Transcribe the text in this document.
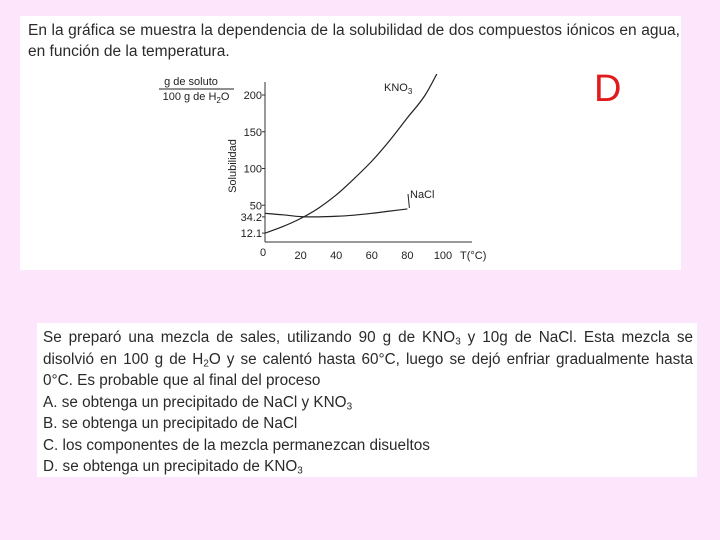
En la gráfica se muestra la dependencia de la solubilidad de dos compuestos iónicos en agua, en función de la temperatura.
D
12.1
34.2
50
100
150
200
0	20 40 60 80 100 T(°C)
Solubilidad
g de soluto
100 g de $H_2O$
$KNO_3$
NaCl
Se preparó una mezcla de sales, utilizando 90 g de $KNO_3$ y 10g de NaCl. Esta mezcla se disolvió en 100 g de $H_2O$ y se calentó hasta 60°C, luego se dejó enfriar gradualmente hasta 0°C. Es probable que al final del proceso
A. se obtenga un precipitado de NaCl y $KNO_3$
B. se obtenga un precipitado de NaCl
C. los componentes de la mezcla permanezcan disueltos
D. se obtenga un precipitado de $KNO_3$
